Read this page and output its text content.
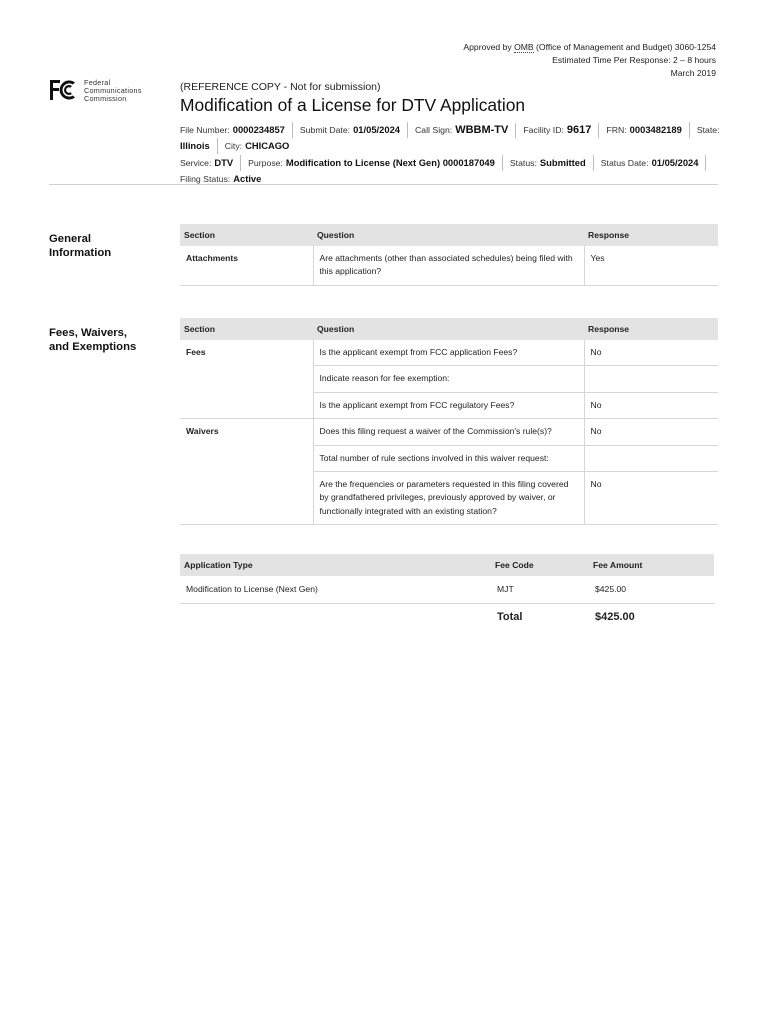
Approved by OMB (Office of Management and Budget) 3060-1254
Estimated Time Per Response: 2 – 8 hours
March 2019
Federal
Communications
Commission
(REFERENCE COPY - Not for submission)
Modification of a License for DTV Application
File Number: 0000234857	Submit Date: 01/05/2024	Call Sign: WBBM-TV	Facility ID: 9617	FRN: 0003482189	State:
Illinois	City: CHICAGO
Service: DTV	Purpose: Modification to License (Next Gen) 0000187049	Status: Submitted	Status Date: 01/05/2024
Filing Status: Active
General
Information
Section	Question	Response
Attachments	Are attachments (other than associated schedules) being filed with this application?	Yes
Fees, Waivers,
and Exemptions
Section	Question	Response
Fees	Is the applicant exempt from FCC application Fees?	No
	Indicate reason for fee exemption:	
	Is the applicant exempt from FCC regulatory Fees?	No
Waivers	Does this filing request a waiver of the Commission's rule(s)?	No
	Total number of rule sections involved in this waiver request:	
	Are the frequencies or parameters requested in this filing covered by grandfathered privileges, previously approved by waiver, or functionally integrated with an existing station?	No
Application Type	Fee Code	Fee Amount
Modification to License (Next Gen)	MJT	$425.00
	Total	$425.00
